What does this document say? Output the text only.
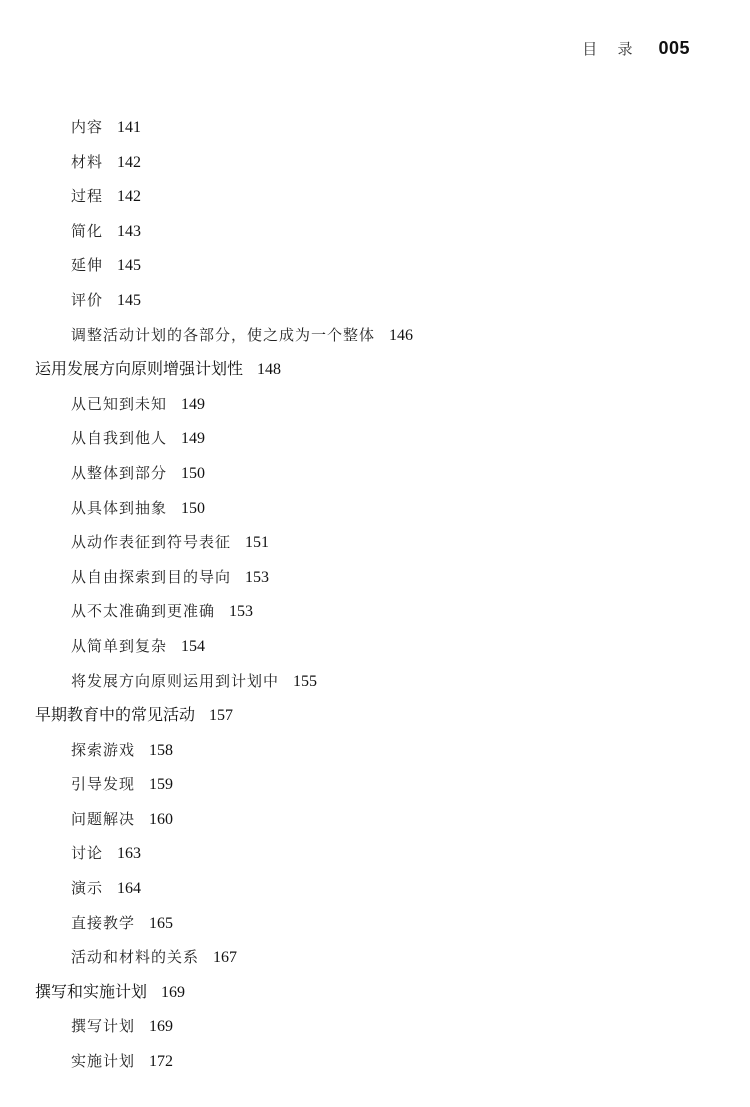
目 录 005
内容 141
材料 142
过程 142
简化 143
延伸 145
评价 145
调整活动计划的各部分，使之成为一个整体 146
运用发展方向原则增强计划性 148
从已知到未知 149
从自我到他人 149
从整体到部分 150
从具体到抽象 150
从动作表征到符号表征 151
从自由探索到目的导向 153
从不太准确到更准确 153
从简单到复杂 154
将发展方向原则运用到计划中 155
早期教育中的常见活动 157
探索游戏 158
引导发现 159
问题解决 160
讨论 163
演示 164
直接教学 165
活动和材料的关系 167
撰写和实施计划 169
撰写计划 169
实施计划 172
